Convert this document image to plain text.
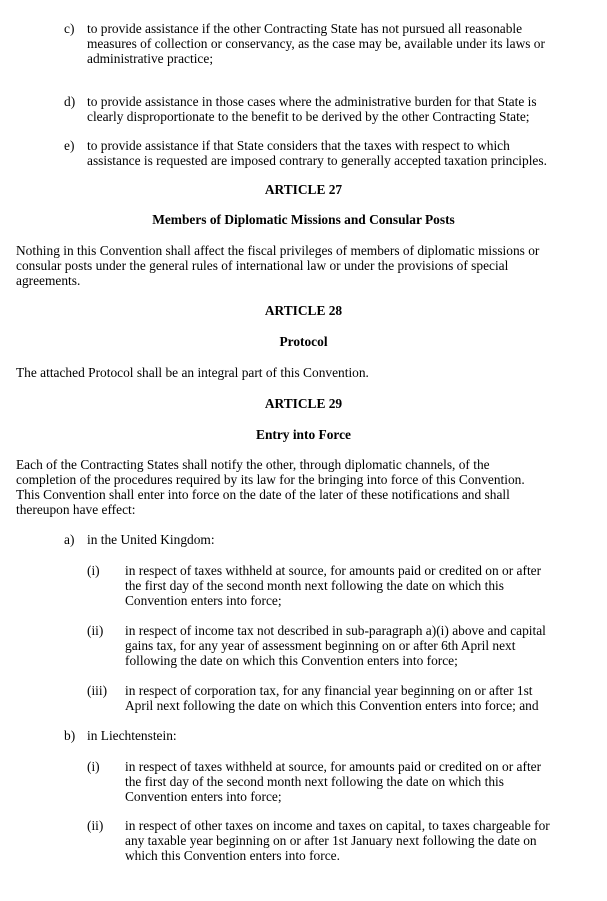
c) to provide assistance if the other Contracting State has not pursued all reasonable
measures of collection or conservancy, as the case may be, available under its laws or
administrative practice;
d) to provide assistance in those cases where the administrative burden for that State is
clearly disproportionate to the benefit to be derived by the other Contracting State;
e) to provide assistance if that State considers that the taxes with respect to which
assistance is requested are imposed contrary to generally accepted taxation principles.
ARTICLE 27
Members of Diplomatic Missions and Consular Posts
Nothing in this Convention shall affect the fiscal privileges of members of diplomatic missions or
consular posts under the general rules of international law or under the provisions of special
agreements.
ARTICLE 28
Protocol
The attached Protocol shall be an integral part of this Convention.
ARTICLE 29
Entry into Force
Each of the Contracting States shall notify the other, through diplomatic channels, of the
completion of the procedures required by its law for the bringing into force of this Convention.
This Convention shall enter into force on the date of the later of these notifications and shall
thereupon have effect:
a) in the United Kingdom:
(i) in respect of taxes withheld at source, for amounts paid or credited on or after
the first day of the second month next following the date on which this
Convention enters into force;
(ii) in respect of income tax not described in sub-paragraph a)(i) above and capital
gains tax, for any year of assessment beginning on or after 6th April next
following the date on which this Convention enters into force;
(iii) in respect of corporation tax, for any financial year beginning on or after 1st
April next following the date on which this Convention enters into force; and
b) in Liechtenstein:
(i) in respect of taxes withheld at source, for amounts paid or credited on or after
the first day of the second month next following the date on which this
Convention enters into force;
(ii) in respect of other taxes on income and taxes on capital, to taxes chargeable for
any taxable year beginning on or after 1st January next following the date on
which this Convention enters into force.
